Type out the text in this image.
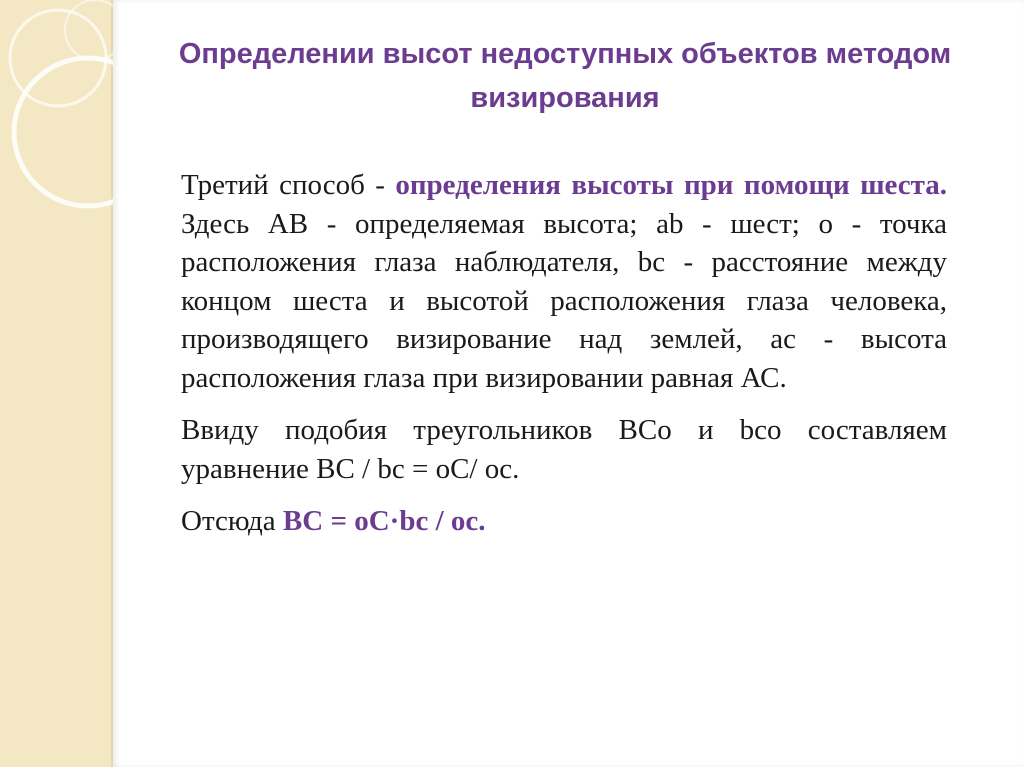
Определении высот недоступных объектов методом визирования

Третий способ - определения высоты при помощи шеста. Здесь АВ - определяемая высота; ab - шест; о - точка расположения глаза наблюдателя, bc - расстояние между концом шеста и высотой расположения глаза человека, производящего визирование над землей, ac - высота расположения глаза при визировании равная АС.

Ввиду подобия треугольников ВСо и bco составляем уравнение ВС / bc = oC/ oc.

Отсюда ВС = oC·bc / oc.
